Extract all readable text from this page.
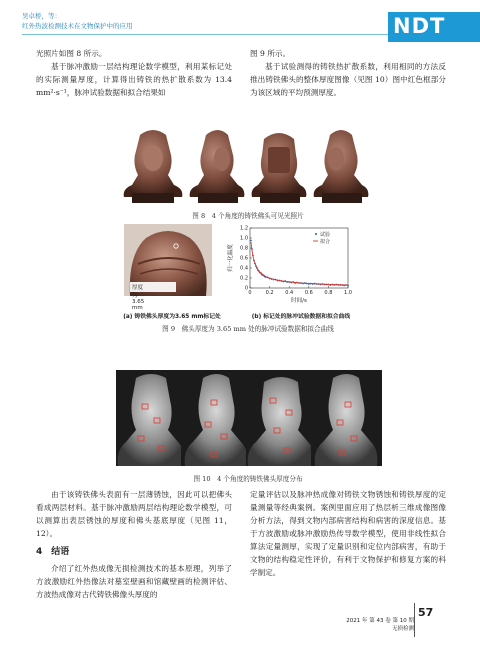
吴卓桥，等：
红外热波检测技术在文物保护中的应用	NDT

光照片如图 8 所示。

基于脉冲激励一层结构理论数学模型，利用某标记处的实际测量厚度，计算得出铸铁的热扩散系数为 13.4 mm²·s⁻¹，脉冲试验数据和拟合结果如

图 9 所示。

基于试验测得的铸铁热扩散系数，利用相同的方法反推出铸铁佛头的整体厚度图像（见图 10）图中红色框部分为该区域的平均预测厚度。

图 8　4 个角度的铸铁佛头可见光照片
厚度为3.65 mm
0	0.2 0.4 0.6 0.8 1.0
0
0.2
0.4
0.6
0.8
1.0
1.2
时间/s
归一化温度
试验
拟合
(a) 铸铁佛头厚度为3.65 mm标记处	(b) 标记处的脉冲试验数据和拟合曲线
图 9　佛头厚度为 3.65 mm 处的脉冲试验数据和拟合曲线
图 10　4 个角度的铸铁佛头厚度分布

由于该铸铁佛头表面有一层薄锈蚀，因此可以把佛头看成两层材料。基于脉冲激励两层结构理论数学模型，可以测算出表层锈蚀的厚度和佛头基底厚度（见图 11，12）。

4　结语

介绍了红外热成像无损检测技术的基本原理，列举了方波激励红外热像法对墓室壁画和馆藏壁画的检测评估、方波热成像对古代铸铁佛像头厚度的

定量评估以及脉冲热成像对铸铁文物锈蚀和铸铁厚度的定量测量等经典案例。案例里面应用了热层析三维成像图像分析方法，得到文物内部病害结构和病害的深度信息。基于方波激励或脉冲激励热传导数学模型，使用非线性拟合算法定量测厚，实现了定量识别和定位内部病害，有助于文物的结构稳定性评价，有利于文物保护和修复方案的科学制定。

57
2021 年 第 43 卷 第 10 期
无损检测
